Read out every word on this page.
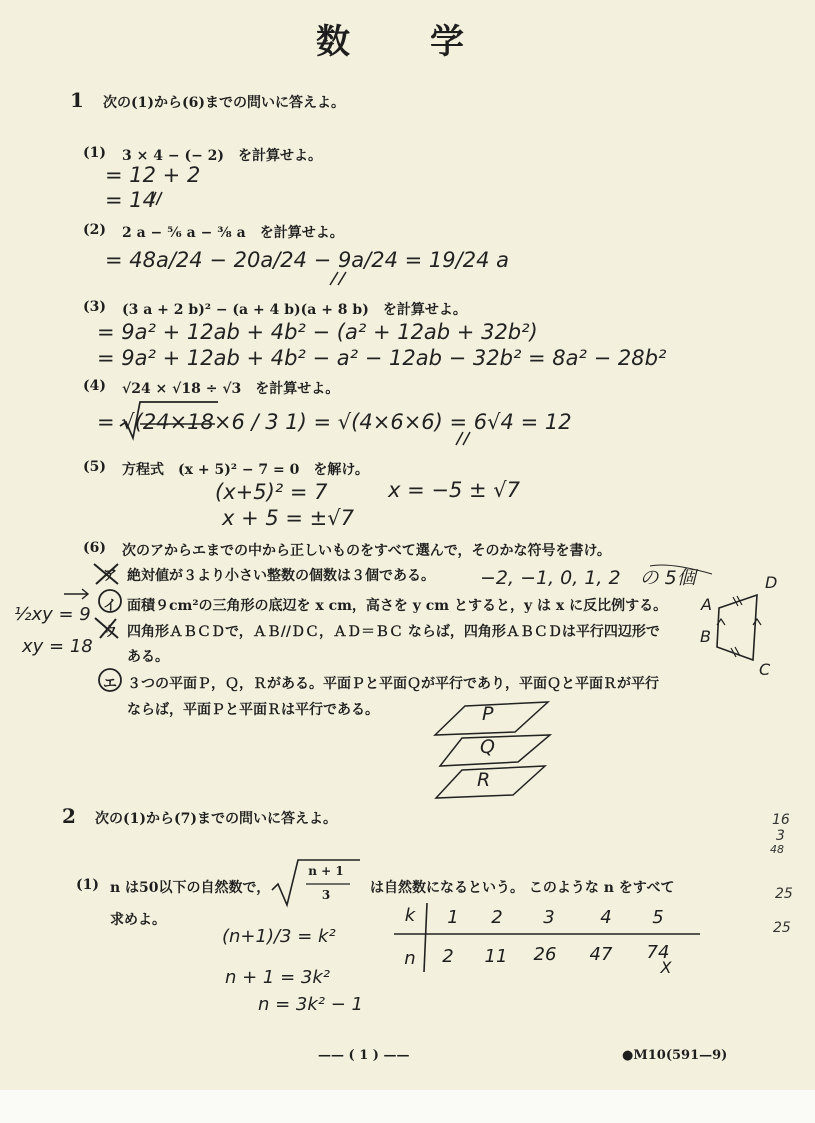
数　　学
1 次の(1)から(6)までの問いに答えよ。
(1) 3 × 4 − (− 2)　を計算せよ。
= 12 + 2
= 14
(2) 2 a − ⁵⁄₆ a − ³⁄₈ a　を計算せよ。
= 48a/24 − 20a/24 − 9a/24 = 19/24 a
(3) (3 a + 2 b)² − (a + 4 b)(a + 8 b)　を計算せよ。
= 9a² + 12ab + 4b² − (a² + 12ab + 32b²)
= 9a² + 12ab + 4b² − a² − 12ab − 32b² = 8a² − 28b²
(4) √24 × √18 ÷ √3　を計算せよ。
= √(24×18×6 / 3 1) = √(4×6×6) = 6√4 = 12
(5) 方程式　(x + 5)² − 7 = 0　を解け。
(x+5)² = 7
x + 5 = ±√7
x = −5 ± √7
(6) 次のアからエまでの中から正しいものをすべて選んで，そのかな符号を書け。
ア 絶対値が３より小さい整数の個数は３個である。 −2, −1, 0, 1, 2　の 5個
イ 面積９cm²の三角形の底辺を x cm，高さを y cm とすると，y は x に反比例する。
ウ 四角形ＡＢＣＤで，ＡＢ//ＤＣ，ＡＤ＝ＢＣ ならば，四角形ＡＢＣＤは平行四辺形で
ある。
エ ３つの平面Ｐ，Ｑ，Ｒがある。平面Ｐと平面Ｑが平行であり，平面Ｑと平面Ｒが平行
ならば，平面Ｐと平面Ｒは平行である。
½xy = 9
xy = 18
A
B
C
D
P
Q
R
2 次の(1)から(7)までの問いに答えよ。
(1) n は50以下の自然数で，
n + 1
3	は自然数になるという。 このような n をすべて
求めよ。
(n+1)/3 = k²
n + 1 = 3k²
n = 3k² − 1
k	1	2	3	4	5
n	2	11	26	47	74
X
16
3
48
25
25
—— ( 1 ) ——	●M10(591—9)
